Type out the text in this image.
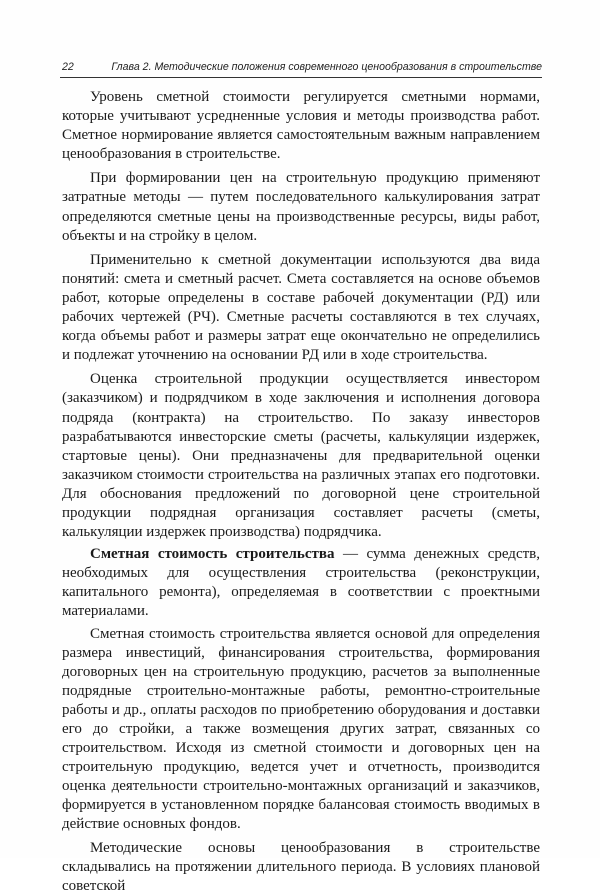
22	Глава 2. Методические положения современного ценообразования в строительстве

Уровень сметной стоимости регулируется сметными нормами, которые учитывают усредненные условия и методы производства работ. Сметное нормирование является самостоятельным важным направлением ценообразования в строительстве.

При формировании цен на строительную продукцию применяют затратные методы — путем последовательного калькулирования затрат определяются сметные цены на производственные ресурсы, виды работ, объекты и на стройку в целом.

Применительно к сметной документации используются два вида понятий: смета и сметный расчет. Смета составляется на основе объемов работ, которые определены в составе рабочей документации (РД) или рабочих чертежей (РЧ). Сметные расчеты составляются в тех случаях, когда объемы работ и размеры затрат еще окончательно не определились и подлежат уточнению на основании РД или в ходе строительства.

Оценка строительной продукции осуществляется инвестором (заказчиком) и подрядчиком в ходе заключения и исполнения договора подряда (контракта) на строительство. По заказу инвесторов разрабатываются инвесторские сметы (расчеты, калькуляции издержек, стартовые цены). Они предназначены для предварительной оценки заказчиком стоимости строительства на различных этапах его подготовки. Для обоснования предложений по договорной цене строительной продукции подрядная организация составляет расчеты (сметы, калькуляции издержек производства) подрядчика.

Сметная стоимость строительства — сумма денежных средств, необходимых для осуществления строительства (реконструкции, капитального ремонта), определяемая в соответствии с проектными материалами.

Сметная стоимость строительства является основой для определения размера инвестиций, финансирования строительства, формирования договорных цен на строительную продукцию, расчетов за выполненные подрядные строительно-монтажные работы, ремонтно-строительные работы и др., оплаты расходов по приобретению оборудования и доставки его до стройки, а также возмещения других затрат, связанных со строительством. Исходя из сметной стоимости и договорных цен на строительную продукцию, ведется учет и отчетность, производится оценка деятельности строительно-монтажных организаций и заказчиков, формируется в установленном порядке балансовая стоимость вводимых в действие основных фондов.

Методические основы ценообразования в строительстве складывались на протяжении длительного периода. В условиях плановой советской
